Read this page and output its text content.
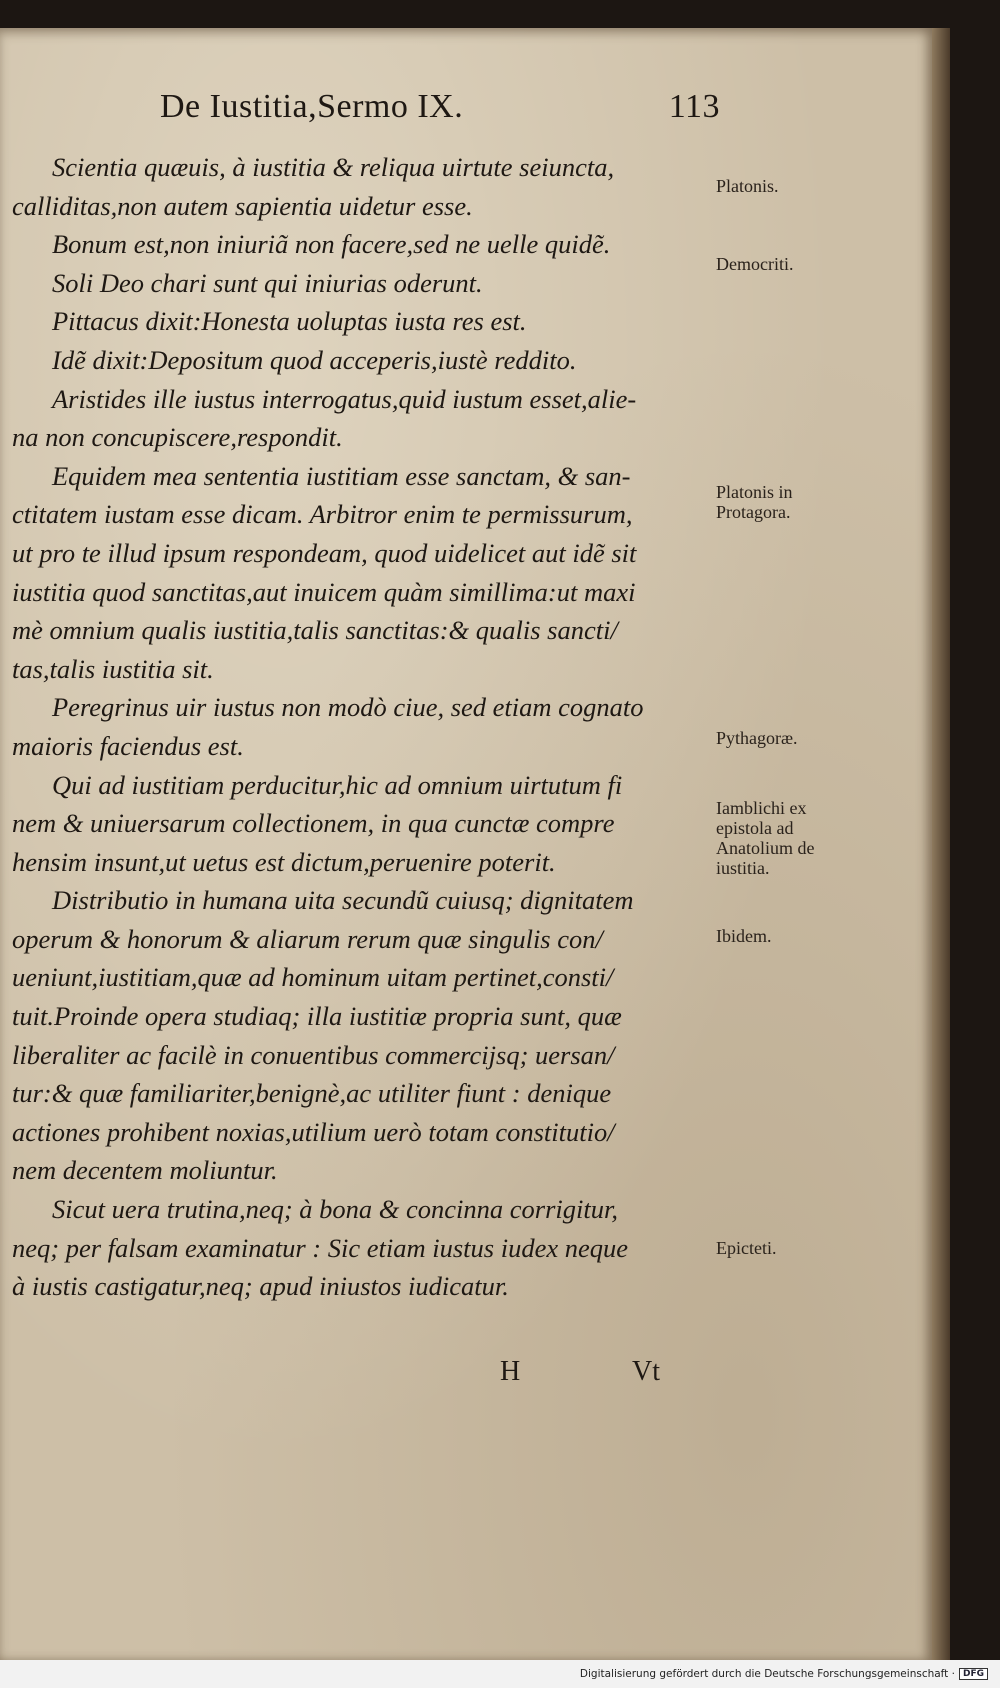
De Iustitia,Sermo IX.	113

Scientia quæuis, à iustitia & reliqua uirtute seiuncta,
calliditas,non autem sapientia uidetur esse.

Bonum est,non iniuriã non facere,sed ne uelle quidẽ.

Soli Deo chari sunt qui iniurias oderunt.

Pittacus dixit:Honesta uoluptas iusta res est.

Idẽ dixit:Depositum quod acceperis,iustè reddito.

Aristides ille iustus interrogatus,quid iustum esset,alie-
na non concupiscere,respondit.

Equidem mea sententia iustitiam esse sanctam, & san-
ctitatem iustam esse dicam. Arbitror enim te permissurum,
ut pro te illud ipsum respondeam, quod uidelicet aut idẽ sit
iustitia quod sanctitas,aut inuicem quàm simillima:ut maxi
mè omnium qualis iustitia,talis sanctitas:& qualis sancti/
tas,talis iustitia sit.

Peregrinus uir iustus non modò ciue, sed etiam cognato
maioris faciendus est.

Qui ad iustitiam perducitur,hic ad omnium uirtutum fi
nem & uniuersarum collectionem, in qua cunctæ compre
hensim insunt,ut uetus est dictum,peruenire poterit.

Distributio in humana uita secundũ cuiusq; dignitatem
operum & honorum & aliarum rerum quæ singulis con/
ueniunt,iustitiam,quæ ad hominum uitam pertinet,consti/
tuit.Proinde opera studiaq; illa iustitiæ propria sunt, quæ
liberaliter ac facilè in conuentibus commercijsq; uersan/
tur:& quæ familiariter,benignè,ac utiliter fiunt : denique
actiones prohibent noxias,utilium uerò totam constitutio/
nem decentem moliuntur.

Sicut uera trutina,neq; à bona & concinna corrigitur,
neq; per falsam examinatur : Sic etiam iustus iudex neque
à iustis castigatur,neq; apud iniustos iudicatur.

Platonis.
Democriti.
Platonis in Protagora.
Pythagoræ.
Iamblichi ex epistola ad Anatolium de iustitia.
Ibidem.
Epicteti.
H	Vt
Digitalisierung gefördert durch die Deutsche Forschungsgemeinschaft · DFG
